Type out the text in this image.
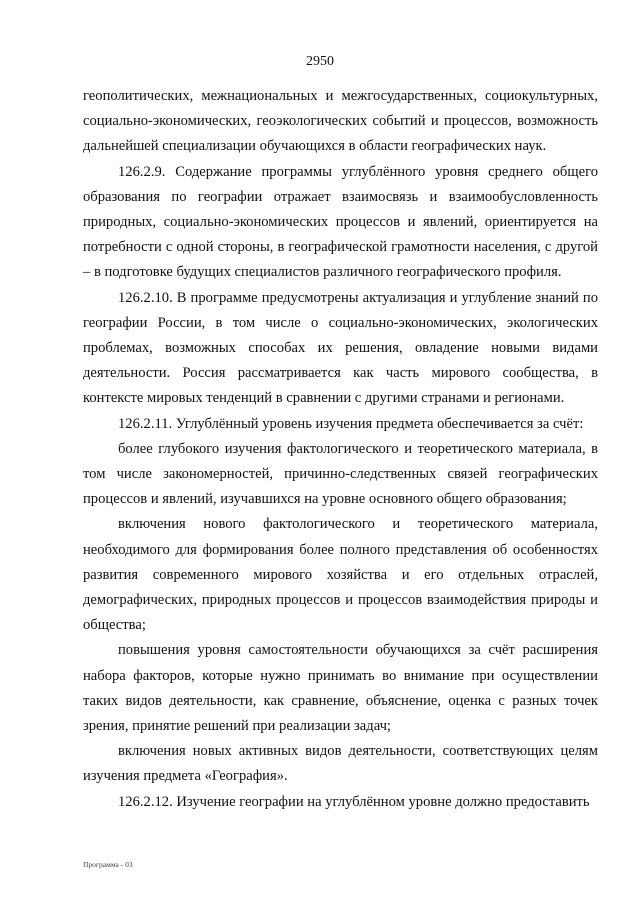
2950

геополитических, межнациональных и межгосударственных, социокультурных, социально-экономических, геоэкологических событий и процессов, возможность дальнейшей специализации обучающихся в области географических наук.

126.2.9. Содержание программы углублённого уровня среднего общего образования по географии отражает взаимосвязь и взаимообусловленность природных, социально-экономических процессов и явлений, ориентируется на потребности с одной стороны, в географической грамотности населения, с другой – в подготовке будущих специалистов различного географического профиля.

126.2.10. В программе предусмотрены актуализация и углубление знаний по географии России, в том числе о социально-экономических, экологических проблемах, возможных способах их решения, овладение новыми видами деятельности. Россия рассматривается как часть мирового сообщества, в контексте мировых тенденций в сравнении с другими странами и регионами.

126.2.11. Углублённый уровень изучения предмета обеспечивается за счёт:

более глубокого изучения фактологического и теоретического материала, в том числе закономерностей, причинно-следственных связей географических процессов и явлений, изучавшихся на уровне основного общего образования;

включения нового фактологического и теоретического материала, необходимого для формирования более полного представления об особенностях развития современного мирового хозяйства и его отдельных отраслей, демографических, природных процессов и процессов взаимодействия природы и общества;

повышения уровня самостоятельности обучающихся за счёт расширения набора факторов, которые нужно принимать во внимание при осуществлении таких видов деятельности, как сравнение, объяснение, оценка с разных точек зрения, принятие решений при реализации задач;

включения новых активных видов деятельности, соответствующих целям изучения предмета «География».

126.2.12. Изучение географии на углублённом уровне должно предоставить

Программа - 03
